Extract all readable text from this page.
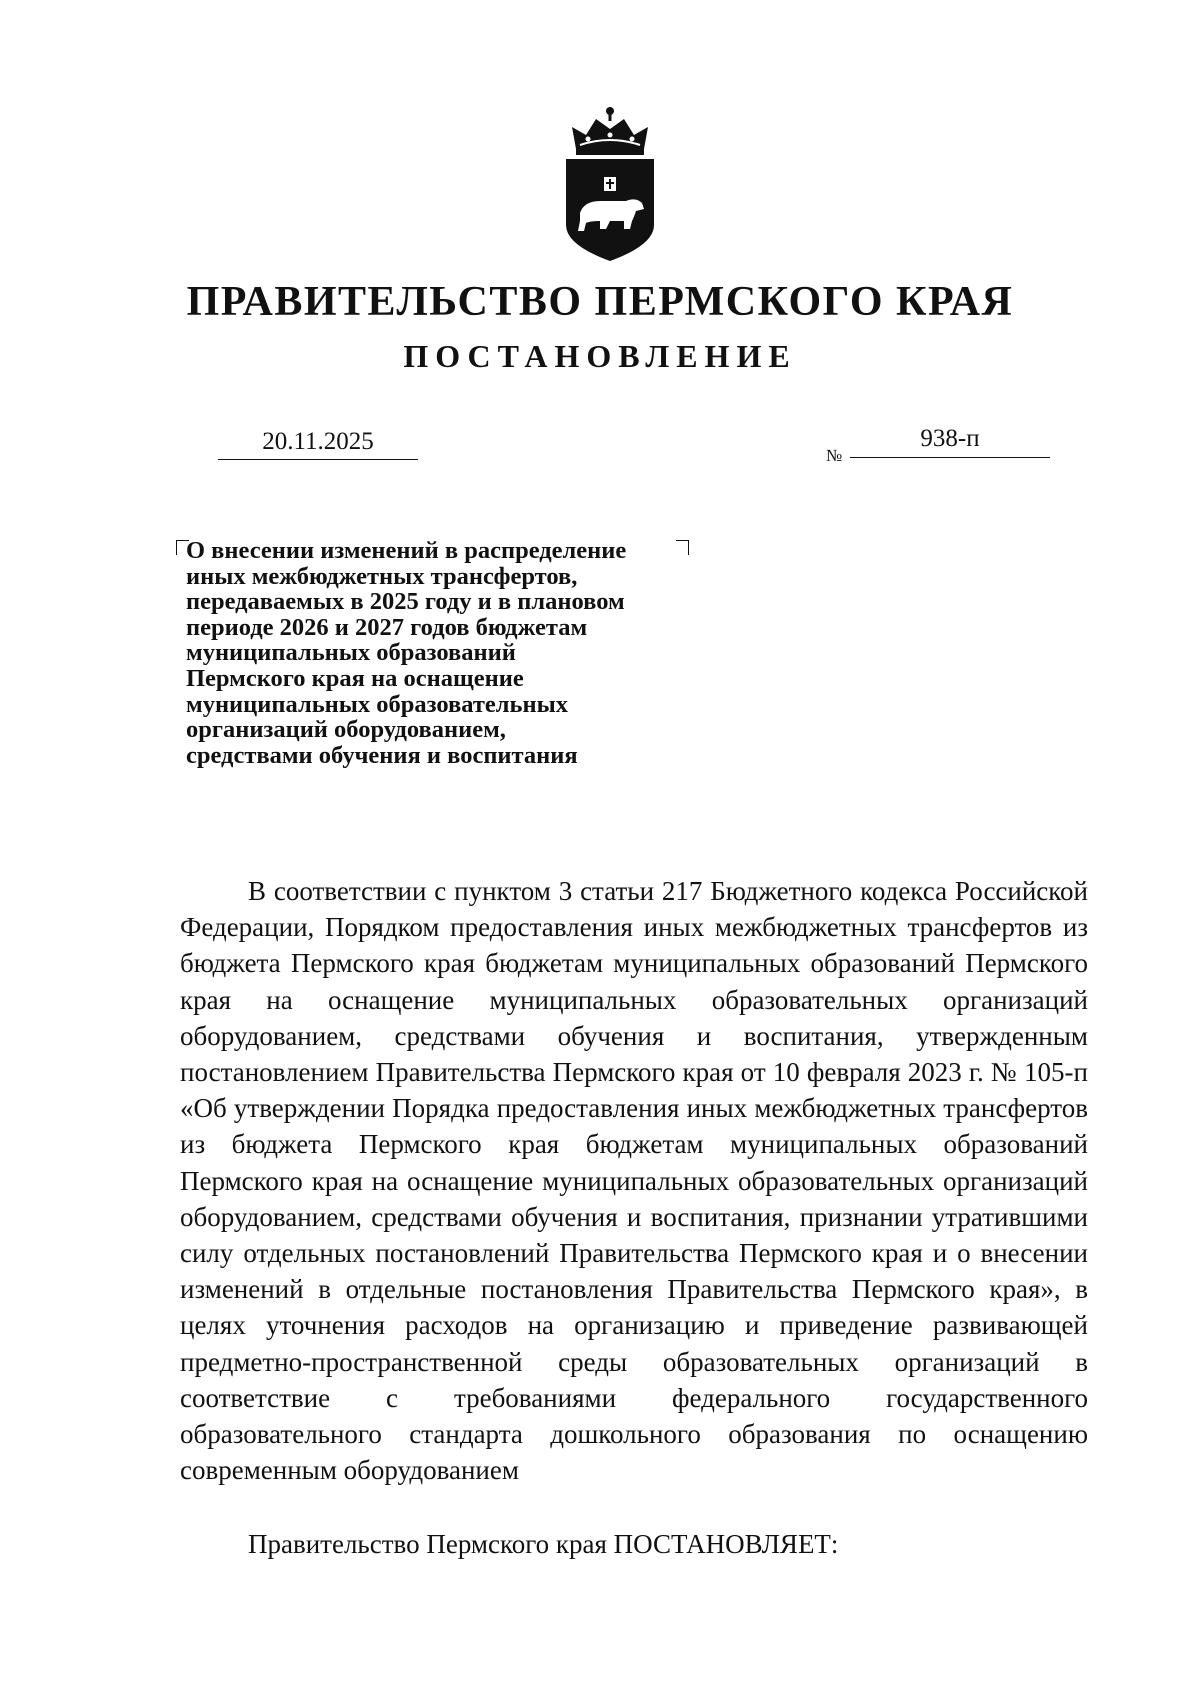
ПРАВИТЕЛЬСТВО ПЕРМСКОГО КРАЯ
ПОСТАНОВЛЕНИЕ
20.11.2025
№
938-п
О внесении изменений в распределение
иных межбюджетных трансфертов,
передаваемых в 2025 году и в плановом
периоде 2026 и 2027 годов бюджетам
муниципальных образований
Пермского края на оснащение
муниципальных образовательных
организаций оборудованием,
средствами обучения и воспитания

В соответствии с пунктом 3 статьи 217 Бюджетного кодекса Российской Федерации, Порядком предоставления иных межбюджетных трансфертов из бюджета Пермского края бюджетам муниципальных образований Пермского края на оснащение муниципальных образовательных организаций оборудованием, средствами обучения и воспитания, утвержденным постановлением Правительства Пермского края от 10 февраля 2023 г. № 105-п «Об утверждении Порядка предоставления иных межбюджетных трансфертов из бюджета Пермского края бюджетам муниципальных образований Пермского края на оснащение муниципальных образовательных организаций оборудованием, средствами обучения и воспитания, признании утратившими силу отдельных постановлений Правительства Пермского края и о внесении изменений в отдельные постановления Правительства Пермского края», в целях уточнения расходов на организацию и приведение развивающей предметно-пространственной среды образовательных организаций в соответствие с требованиями федерального государственного образовательного стандарта дошкольного образования по оснащению современным оборудованием

Правительство Пермского края ПОСТАНОВЛЯЕТ:
